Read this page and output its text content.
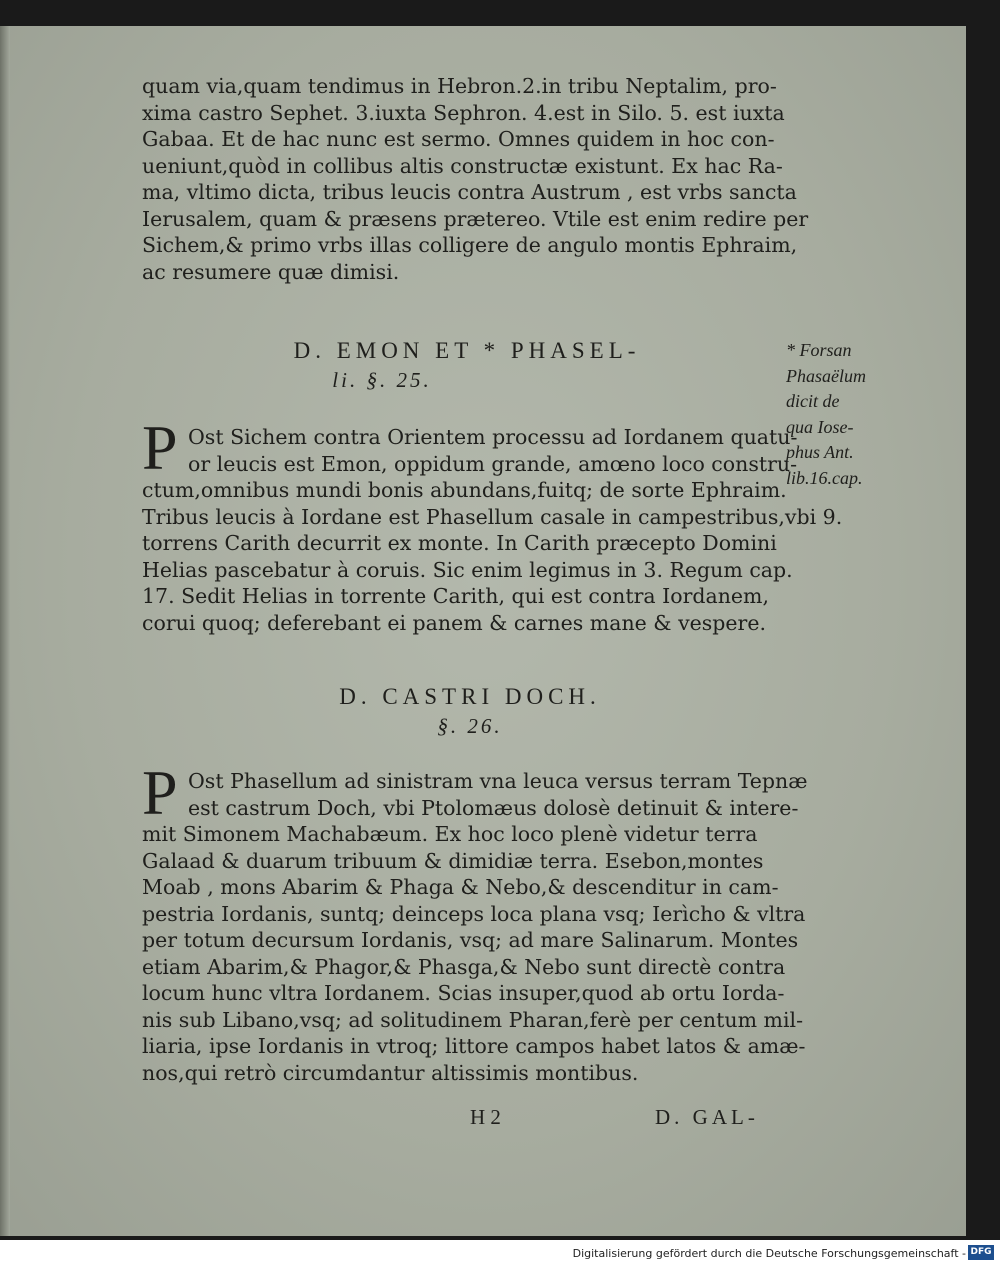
quam via,quam tendimus in Hebron.2.in tribu Neptalim, pro-
xima castro Sephet. 3.iuxta Sephron. 4.est in Silo. 5. est iuxta
Gabaa. Et de hac nunc est sermo. Omnes quidem in hoc con-
ueniunt,quòd in collibus altis constructæ existunt. Ex hac Ra-
ma, vltimo dicta, tribus leucis contra Austrum , est vrbs sancta
Ierusalem, quam & præsens prætereo. Vtile est enim redire per
Sichem,& primo vrbs illas colligere de angulo montis Ephraim,
ac resumere quæ dimisi.
D. EMON ET * PHASEL-
li. §. 25.
* Forsan
Phasaëlum
dicit de
qua Iose-
phus Ant.
lib.16.cap.
P Ost Sichem contra Orientem processu ad Iordanem quatu-
or leucis est Emon, oppidum grande, amœno loco constru-
ctum,omnibus mundi bonis abundans,fuitq; de sorte Ephraim.
Tribus leucis à Iordane est Phasellum casale in campestribus,vbi 9.
torrens Carith decurrit ex monte. In Carith præcepto Domini
Helias pascebatur à coruis. Sic enim legimus in 3. Regum cap.
17. Sedit Helias in torrente Carith, qui est contra Iordanem,
corui quoq; deferebant ei panem & carnes mane & vespere.
D. CASTRI DOCH.
§. 26.
P Ost Phasellum ad sinistram vna leuca versus terram Tepnæ
est castrum Doch, vbi Ptolomæus dolosè detinuit & intere-
mit Simonem Machabæum. Ex hoc loco plenè videtur terra
Galaad & duarum tribuum & dimidiæ terra. Esebon,montes
Moab , mons Abarim & Phaga & Nebo,& descenditur in cam-
pestria Iordanis, suntq; deinceps loca plana vsq; Ierìcho & vltra
per totum decursum Iordanis, vsq; ad mare Salinarum. Montes
etiam Abarim,& Phagor,& Phasga,& Nebo sunt directè contra
locum hunc vltra Iordanem. Scias insuper,quod ab ortu Iorda-
nis sub Libano,vsq; ad solitudinem Pharan,ferè per centum mil-
liaria, ipse Iordanis in vtroq; littore campos habet latos & amæ-
nos,qui retrò circumdantur altissimis montibus.
H 2	D. GAL-
Digitalisierung gefördert durch die Deutsche Forschungsgemeinschaft - DFG
